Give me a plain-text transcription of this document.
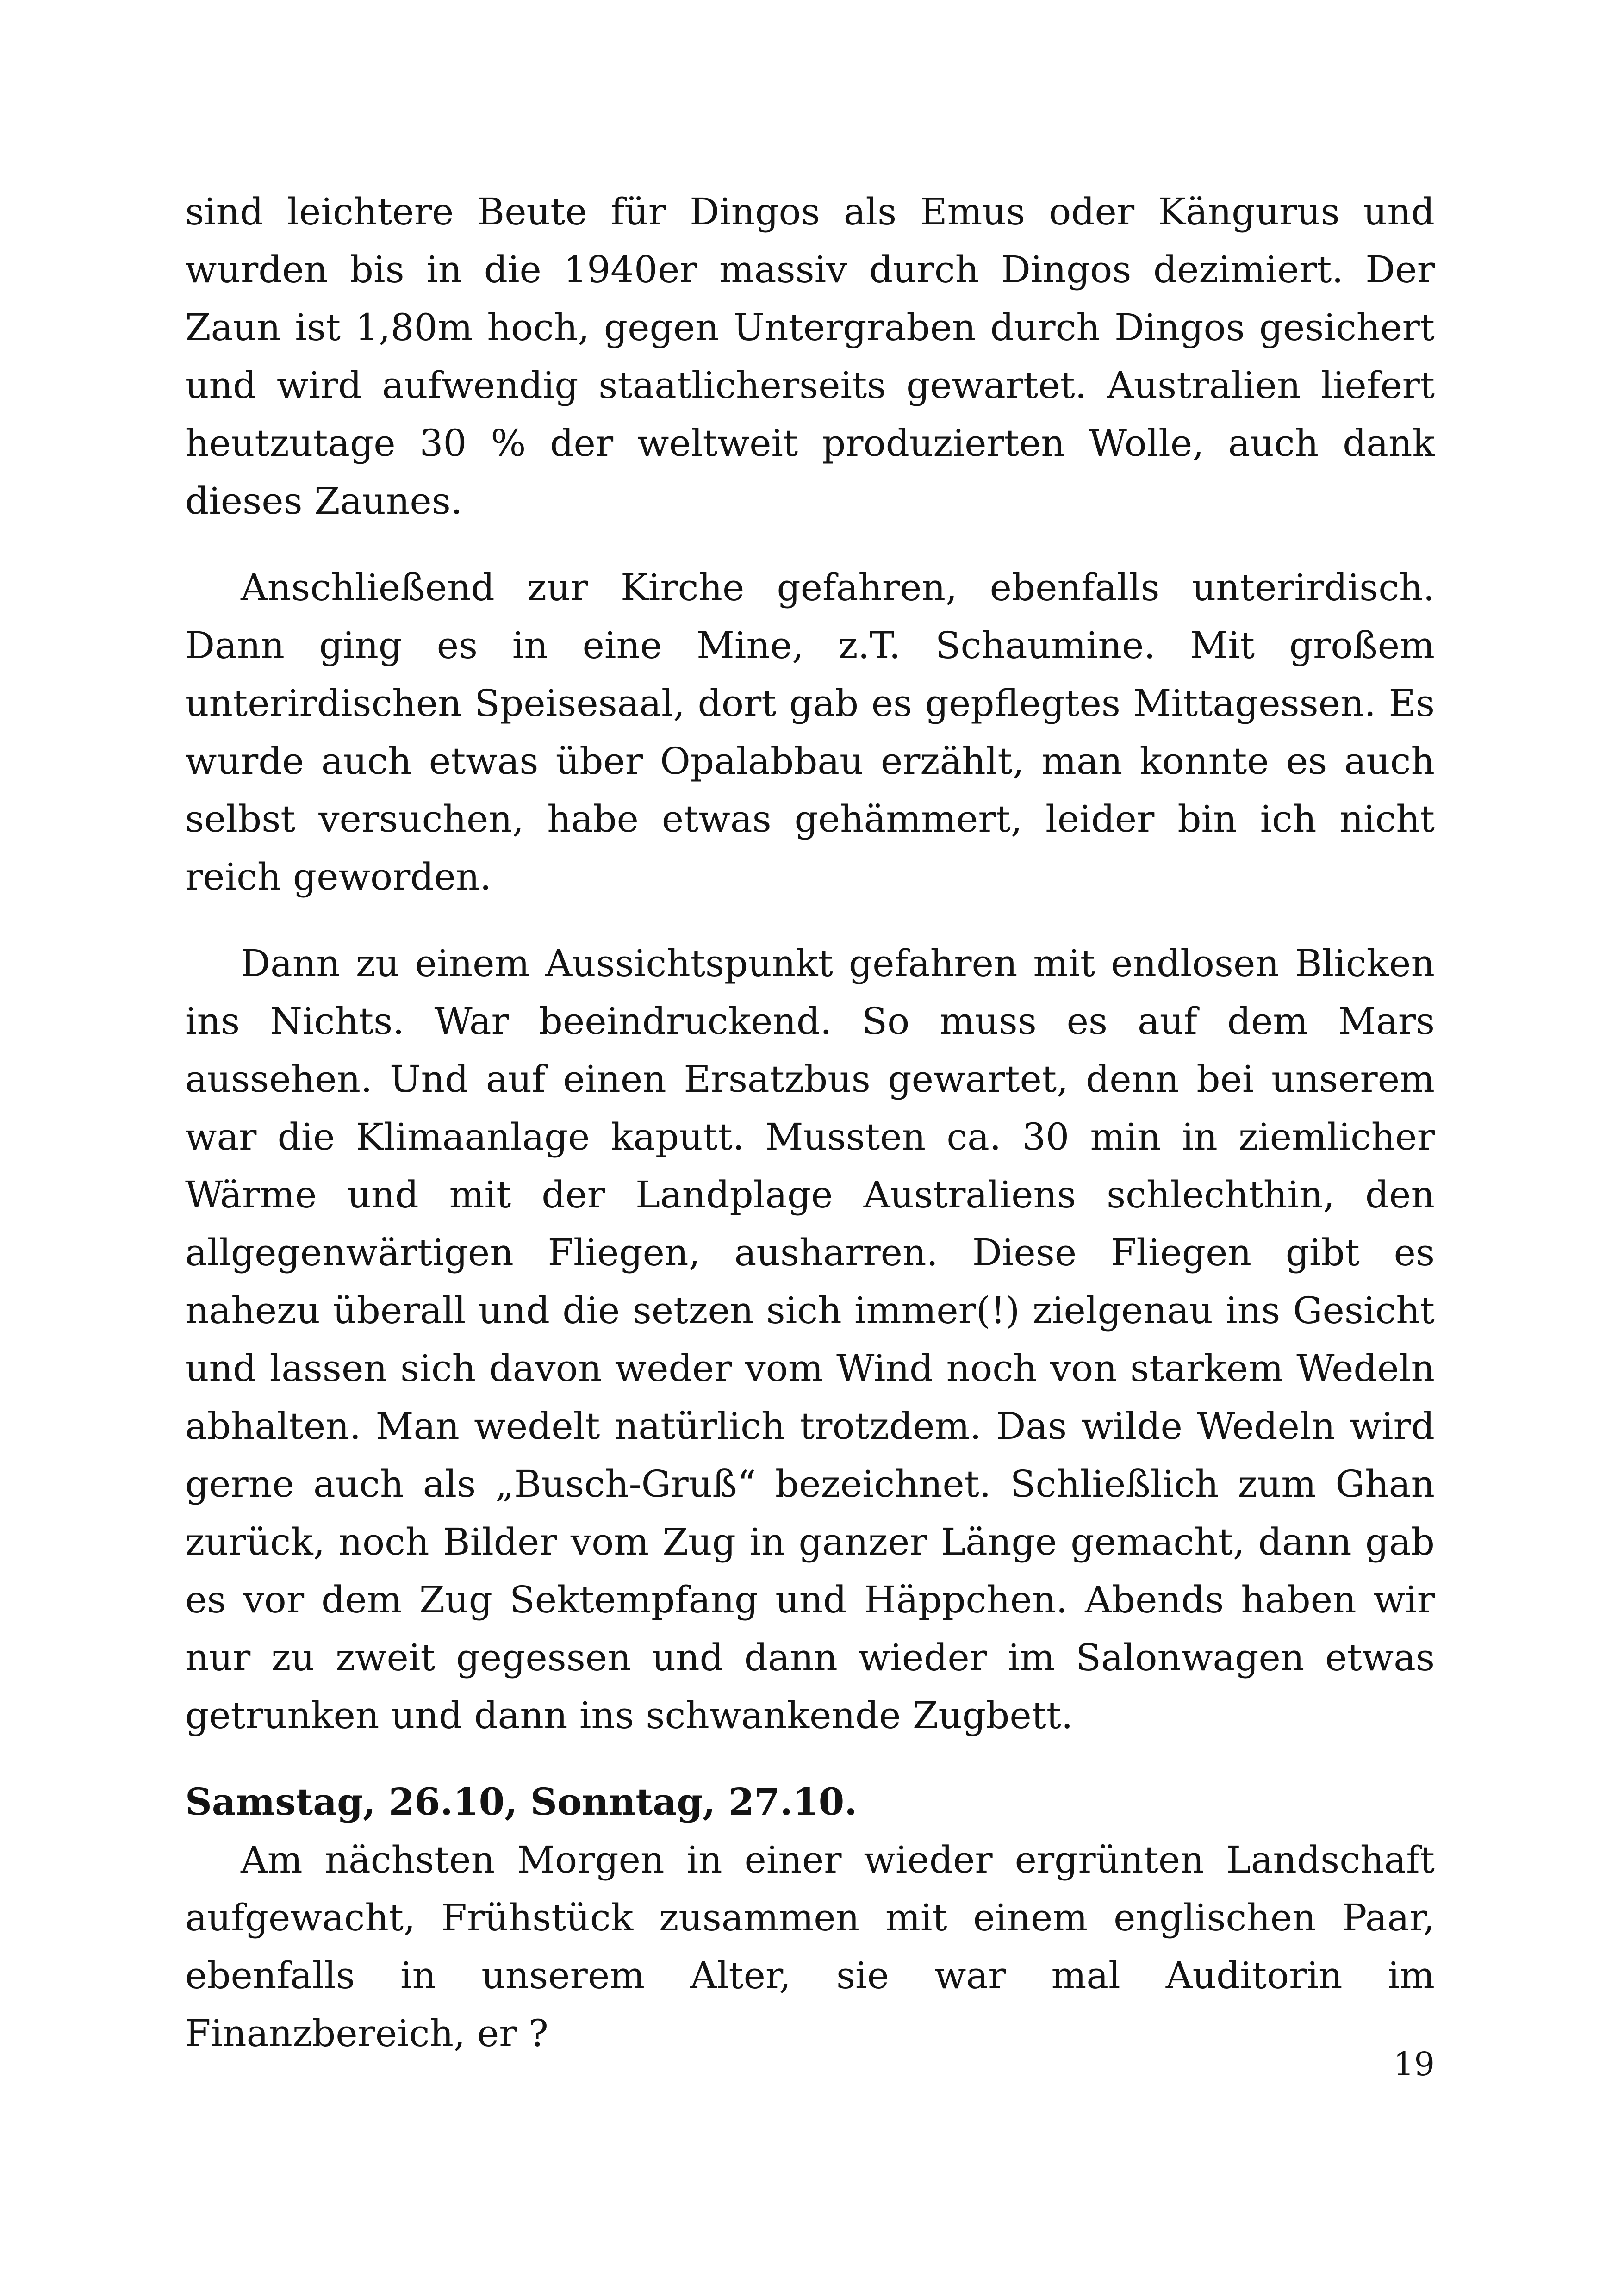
sind leichtere Beute für Dingos als Emus oder Kängurus und wurden bis in die 1940er massiv durch Dingos dezimiert. Der Zaun ist 1,80m hoch, gegen Untergraben durch Dingos gesichert und wird aufwendig staatlicherseits gewartet. Australien liefert heutzutage 30 % der weltweit produzierten Wolle, auch dank dieses Zaunes.

Anschließend zur Kirche gefahren, ebenfalls unterirdisch. Dann ging es in eine Mine, z.T. Schaumine. Mit großem unterirdischen Speisesaal, dort gab es gepflegtes Mittagessen. Es wurde auch etwas über Opalabbau erzählt, man konnte es auch selbst versuchen, habe etwas gehämmert, leider bin ich nicht reich geworden.

Dann zu einem Aussichtspunkt gefahren mit endlosen Blicken ins Nichts. War beeindruckend. So muss es auf dem Mars aussehen. Und auf einen Ersatzbus gewartet, denn bei unserem war die Klimaanlage kaputt. Mussten ca. 30 min in ziemlicher Wärme und mit der Landplage Australiens schlechthin, den allgegenwärtigen Fliegen, ausharren. Diese Fliegen gibt es nahezu überall und die setzen sich immer(!) zielgenau ins Gesicht und lassen sich davon weder vom Wind noch von starkem Wedeln abhalten. Man wedelt natürlich trotzdem. Das wilde Wedeln wird gerne auch als „Busch-Gruß“ bezeichnet. Schließlich zum Ghan zurück, noch Bilder vom Zug in ganzer Länge gemacht, dann gab es vor dem Zug Sektempfang und Häppchen. Abends haben wir nur zu zweit gegessen und dann wieder im Salonwagen etwas getrunken und dann ins schwankende Zugbett.

Samstag, 26.10, Sonntag, 27.10.

Am nächsten Morgen in einer wieder ergrünten Landschaft aufgewacht, Frühstück zusammen mit einem englischen Paar, ebenfalls in unserem Alter, sie war mal Auditorin im Finanzbereich, er ?

19
